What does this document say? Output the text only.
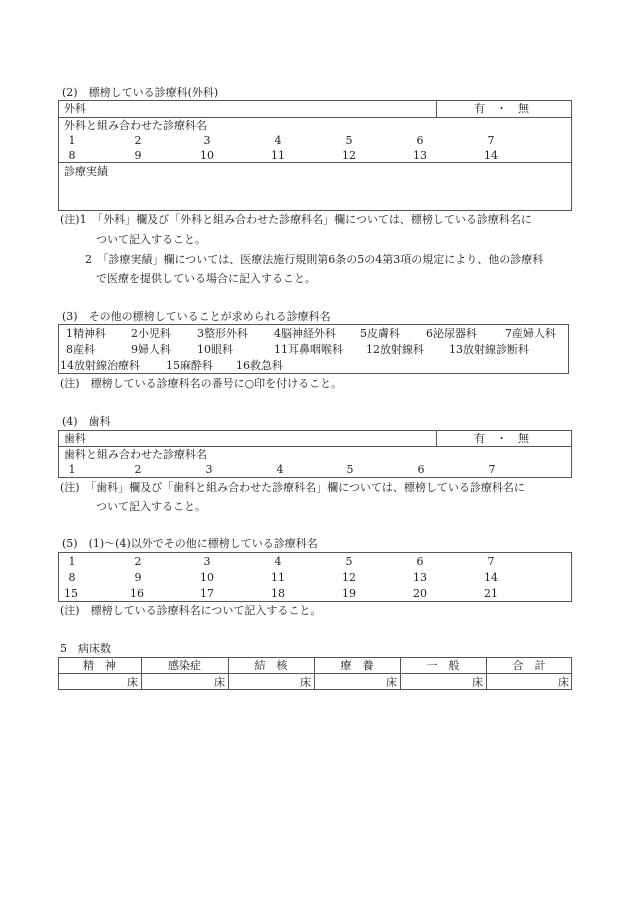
(2)　標榜している診療科(外科)
外科	有　・　無
外科と組み合わせた診療科名
1	2	3	4	5	6	7
8	9	10	11	12	13	14
診療実績
(注)1　「外科」欄及び「外科と組み合わせた診療科名」欄については、標榜している診療科名に
ついて記入すること。
2　「診療実績」欄については、医療法施行規則第6条の5の4第3項の規定により、他の診療科
で医療を提供している場合に記入すること。
(3)　その他の標榜していることが求められる診療科名
1精神科 2小児科 3整形外科 4脳神経外科 5皮膚科 6泌尿器科	7産婦人科
8産科	9婦人科 10眼科	11耳鼻咽喉科 12放射線科 13放射線診断科
14放射線治療科 15麻酔科 16救急科
(注)　標榜している診療科名の番号に○印を付けること。
(4)　歯科
歯科	有　・　無
歯科と組み合わせた診療科名
1	2	3	4	5	6	7
(注)　「歯科」欄及び「歯科と組み合わせた診療科名」欄については、標榜している診療科名に
ついて記入すること。
(5)　(1)～(4)以外でその他に標榜している診療科名
1	2	3	4	5	6	7
8	9	10	11	12	13	14
15	16	17	18	19	20	21
(注)　標榜している診療科名について記入すること。
5　病床数
精　神	感染症	結　核	療　養	一　般	合　計
床	床	床	床	床	床
